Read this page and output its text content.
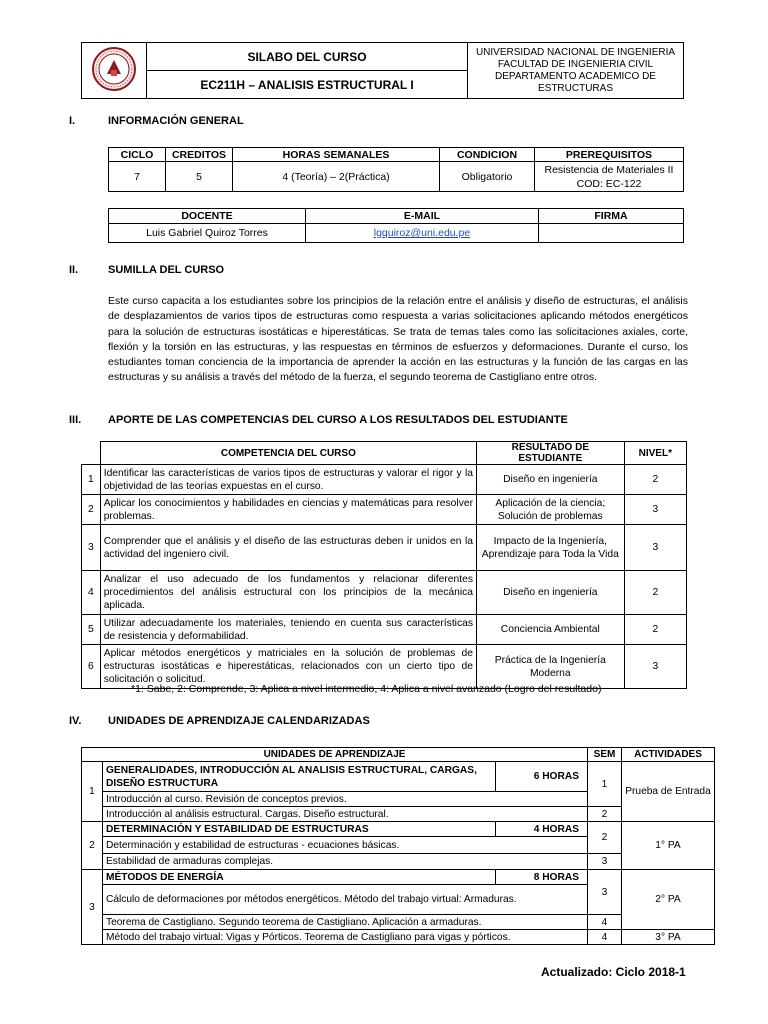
	SILABO DEL CURSO	UNIVERSIDAD NACIONAL DE INGENIERIA
FACULTAD DE INGENIERIA CIVIL
DEPARTAMENTO ACADEMICO DE
ESTRUCTURAS

EC211H – ANALISIS ESTRUCTURAL I
I.	INFORMACIÓN GENERAL
CICLO	CREDITOS	HORAS SEMANALES	CONDICION	PREREQUISITOS
7	5	4 (Teoría) – 2(Práctica)	Obligatorio	Resistencia de Materiales II COD: EC-122
DOCENTE	E-MAIL	FIRMA
Luis Gabriel Quiroz Torres	lgquiroz@uni.edu.pe	
II.	SUMILLA DEL CURSO
Este curso capacita a los estudiantes sobre los principios de la relación entre el análisis y diseño de estructuras, el análisis de desplazamientos de varios tipos de estructuras como respuesta a varias solicitaciones aplicando métodos energéticos para la solución de estructuras isostáticas e hiperestáticas. Se trata de temas tales como las solicitaciones axiales, corte, flexión y la torsión en las estructuras, y las respuestas en términos de esfuerzos y deformaciones. Durante el curso, los estudiantes toman conciencia de la importancia de aprender la acción en las estructuras y la función de las cargas en las estructuras y su análisis a través del método de la fuerza, el segundo teorema de Castigliano entre otros.
III. APORTE DE LAS COMPETENCIAS DEL CURSO A LOS RESULTADOS DEL ESTUDIANTE
	COMPETENCIA DEL CURSO	RESULTADO DE ESTUDIANTE	NIVEL*
1	Identificar las características de varios tipos de estructuras y valorar el rigor y la objetividad de las teorías expuestas en el curso.	Diseño en ingeniería	2
2	Aplicar los conocimientos y habilidades en ciencias y matemáticas para resolver problemas.	Aplicación de la ciencia; Solución de problemas	3
3	Comprender que el análisis y el diseño de las estructuras deben ir unidos en la actividad del ingeniero civil.	Impacto de la Ingeniería, Aprendizaje para Toda la Vida	3
4	Analizar el uso adecuado de los fundamentos y relacionar diferentes procedimientos del análisis estructural con los principios de la mecánica aplicada.	Diseño en ingeniería	2
5	Utilizar adecuadamente los materiales, teniendo en cuenta sus características de resistencia y deformabilidad.	Conciencia Ambiental	2
6	Aplicar métodos energéticos y matriciales en la solución de problemas de estructuras isostáticas e hiperestáticas, relacionados con un cierto tipo de solicitación o solicitud.	Práctica de la Ingeniería Moderna	3
*1: Sabe, 2: Comprende, 3: Aplica a nivel intermedio, 4: Aplica a nivel avanzado (Logro del resultado)
IV. UNIDADES DE APRENDIZAJE CALENDARIZADAS
UNIDADES DE APRENDIZAJE			SEM	ACTIVIDADES
1	GENERALIDADES, INTRODUCCIÓN AL ANALISIS ESTRUCTURAL, CARGAS, DISEÑO ESTRUCTURA	6 HORAS	1	Prueba de Entrada
	Introducción al curso. Revisión de conceptos previos.			
	Introducción al análisis estructural. Cargas. Diseño estructural.		2	
2	DETERMINACIÓN Y ESTABILIDAD DE ESTRUCTURAS	4 HORAS	2	1° PA
	Determinación y estabilidad de estructuras - ecuaciones básicas.			
	Estabilidad de armaduras complejas.		3	
3	MÉTODOS DE ENERGÍA	8 HORAS	3	2° PA
	Cálculo de deformaciones por métodos energéticos. Método del trabajo virtual: Armaduras.			
	Teorema de Castigliano. Segundo teorema de Castigliano. Aplicación a armaduras.		4	
	Método del trabajo virtual: Vigas y Pórticos. Teorema de Castigliano para vigas y pórticos.		4	3° PA
Actualizado: Ciclo 2018-1
